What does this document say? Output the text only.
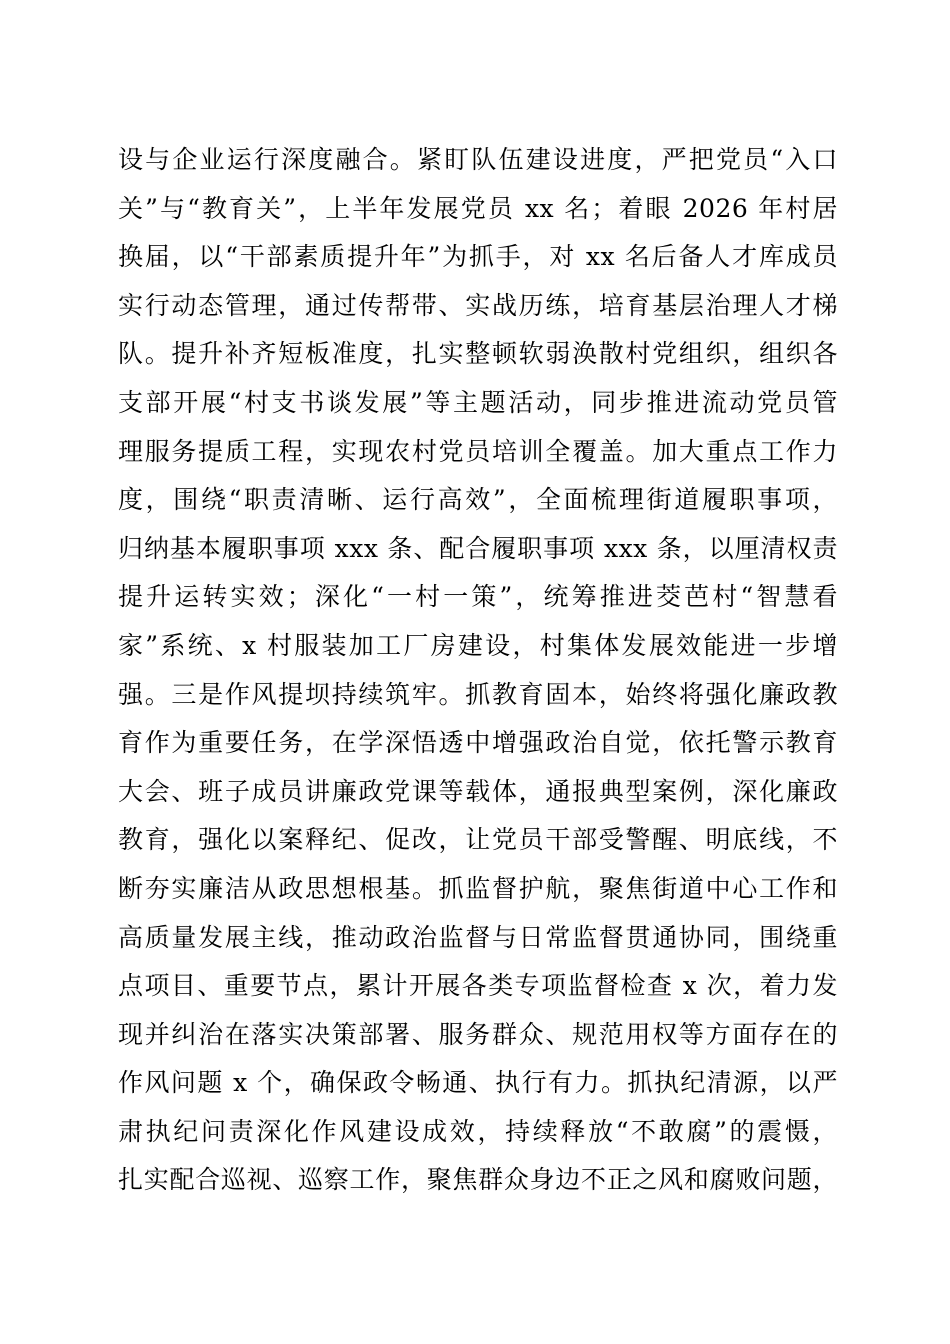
设与企业运行深度融合。紧盯队伍建设进度，严把党员“入口
关”与“教育关”，上半年发展党员 xx 名；着眼 2026 年村居
换届，以“干部素质提升年”为抓手，对 xx 名后备人才库成员
实行动态管理，通过传帮带、实战历练，培育基层治理人才梯
队。提升补齐短板准度，扎实整顿软弱涣散村党组织，组织各
支部开展“村支书谈发展”等主题活动，同步推进流动党员管
理服务提质工程，实现农村党员培训全覆盖。加大重点工作力
度，围绕“职责清晰、运行高效”，全面梳理街道履职事项，
归纳基本履职事项 xxx 条、配合履职事项 xxx 条，以厘清权责
提升运转实效；深化“一村一策”，统筹推进茭芭村“智慧看
家”系统、x 村服装加工厂房建设，村集体发展效能进一步增
强。三是作风提坝持续筑牢。抓教育固本，始终将强化廉政教
育作为重要任务，在学深悟透中增强政治自觉，依托警示教育
大会、班子成员讲廉政党课等载体，通报典型案例，深化廉政
教育，强化以案释纪、促改，让党员干部受警醒、明底线，不
断夯实廉洁从政思想根基。抓监督护航，聚焦街道中心工作和
高质量发展主线，推动政治监督与日常监督贯通协同，围绕重
点项目、重要节点，累计开展各类专项监督检查 x 次，着力发
现并纠治在落实决策部署、服务群众、规范用权等方面存在的
作风问题 x 个，确保政令畅通、执行有力。抓执纪清源，以严
肃执纪问责深化作风建设成效，持续释放“不敢腐”的震慑，
扎实配合巡视、巡察工作，聚焦群众身边不正之风和腐败问题，
